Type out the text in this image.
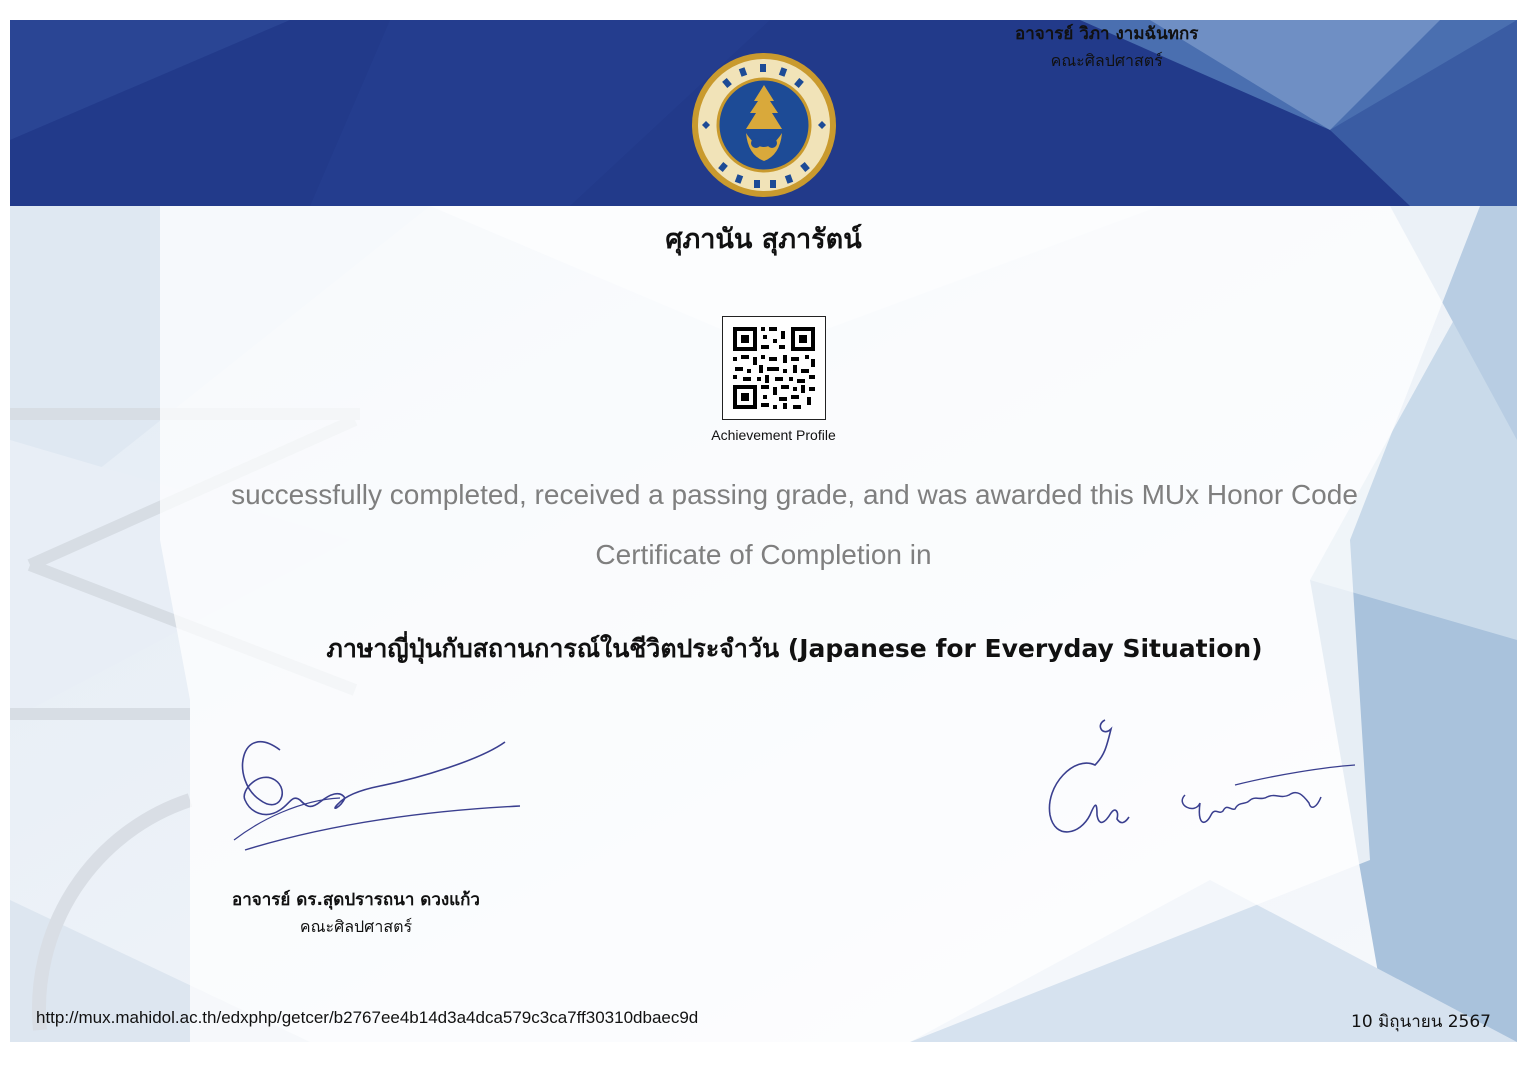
ศุภานัน สุภารัตน์
Achievement Profile
successfully completed, received a passing grade, and was awarded this MUx Honor Code
Certificate of Completion in
ภาษาญี่ปุ่นกับสถานการณ์ในชีวิตประจำวัน (Japanese for Everyday Situation)
อาจารย์ ดร.สุดปรารถนา ดวงแก้ว
คณะศิลปศาสตร์
อาจารย์ วิภา งามฉันทกร
คณะศิลปศาสตร์
http://mux.mahidol.ac.th/edxphp/getcer/b2767ee4b14d3a4dca579c3ca7ff30310dbaec9d	10 มิถุนายน 2567
